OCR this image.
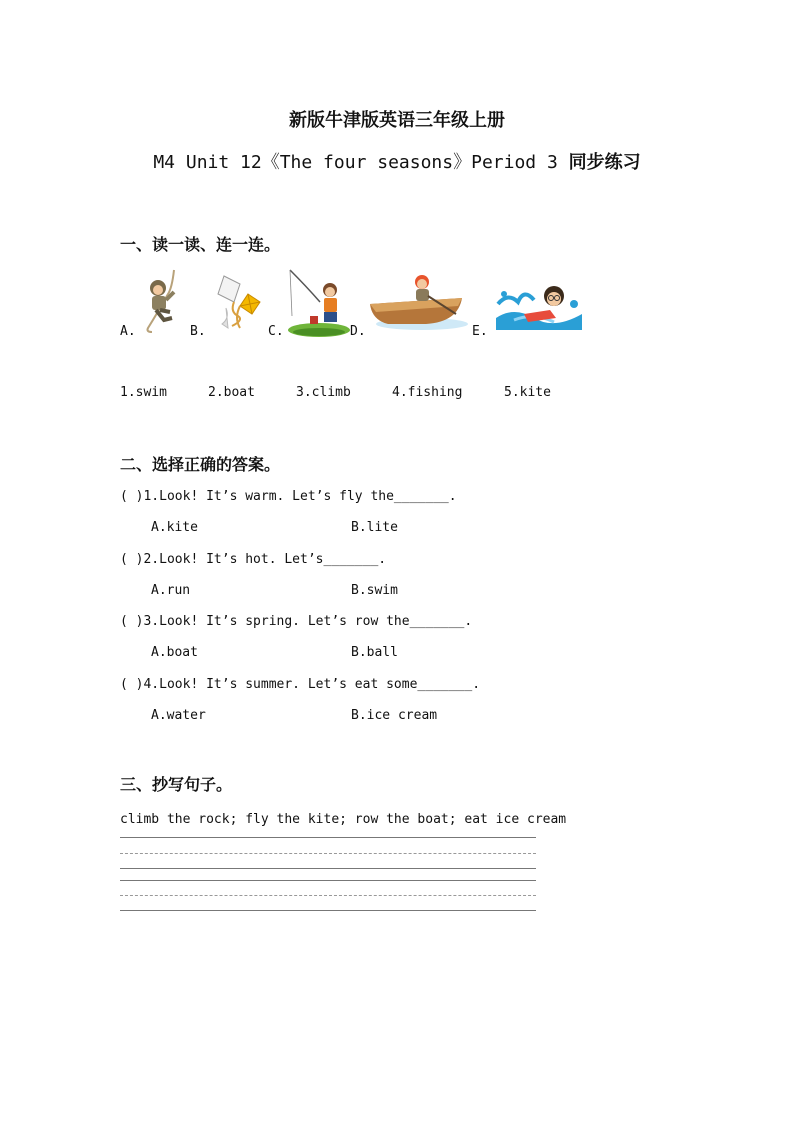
新版牛津版英语三年级上册
M4 Unit 12《The four seasons》Period 3 同步练习
一、读一读、连一连。
A.	B.	C.	D.	E.
1.swim	2.boat	3.climb	4.fishing	5.kite
二、选择正确的答案。
( )1.Look! It’s warm. Let’s fly the_______.
A.kite	B.lite
( )2.Look! It’s hot. Let’s_______.
A.run	B.swim
( )3.Look! It’s spring. Let’s row the_______.
A.boat	B.ball
( )4.Look! It’s summer. Let’s eat some_______.
A.water	B.ice cream
三、抄写句子。
climb the rock; fly the kite; row the boat; eat ice cream
